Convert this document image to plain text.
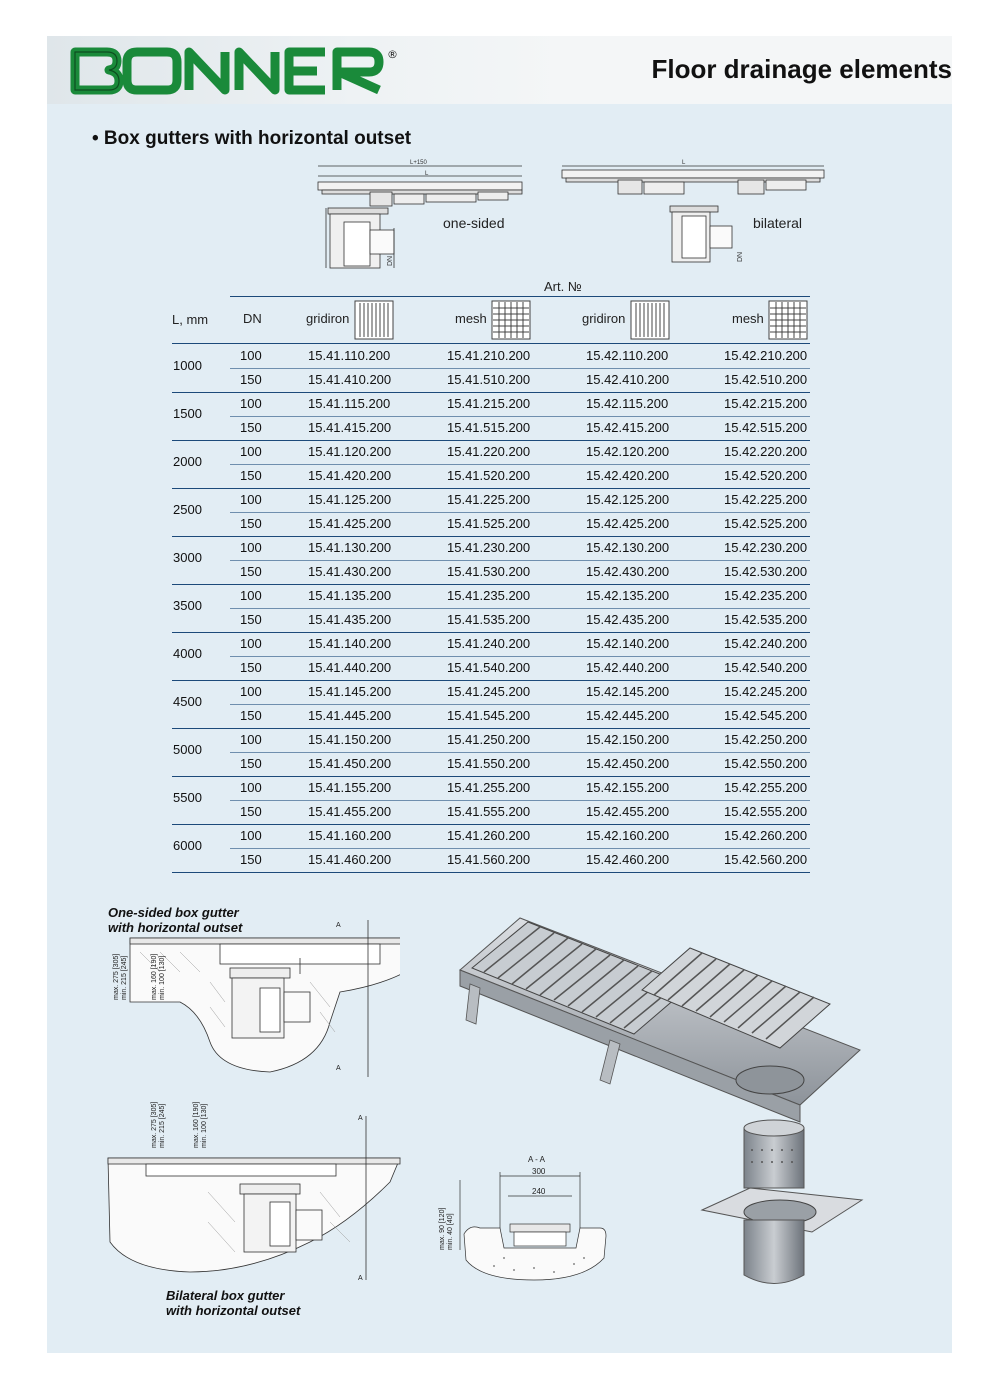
®	Floor drainage elements
• Box gutters with horizontal outset
L+150
L
DN
one-sided
L
DN
bilateral
Art. №
L, mm	DN	gridiron	mesh	gridiron	mesh
1000
100	15.41.110.200	15.41.210.200	15.42.110.200	15.42.210.200
150	15.41.410.200	15.41.510.200	15.42.410.200	15.42.510.200
1500
100	15.41.115.200	15.41.215.200	15.42.115.200	15.42.215.200
150	15.41.415.200	15.41.515.200	15.42.415.200	15.42.515.200
2000
100	15.41.120.200	15.41.220.200	15.42.120.200	15.42.220.200
150	15.41.420.200	15.41.520.200	15.42.420.200	15.42.520.200
2500
100	15.41.125.200	15.41.225.200	15.42.125.200	15.42.225.200
150	15.41.425.200	15.41.525.200	15.42.425.200	15.42.525.200
3000
100	15.41.130.200	15.41.230.200	15.42.130.200	15.42.230.200
150	15.41.430.200	15.41.530.200	15.42.430.200	15.42.530.200
3500
100	15.41.135.200	15.41.235.200	15.42.135.200	15.42.235.200
150	15.41.435.200	15.41.535.200	15.42.435.200	15.42.535.200
4000
100	15.41.140.200	15.41.240.200	15.42.140.200	15.42.240.200
150	15.41.440.200	15.41.540.200	15.42.440.200	15.42.540.200
4500
100	15.41.145.200	15.41.245.200	15.42.145.200	15.42.245.200
150	15.41.445.200	15.41.545.200	15.42.445.200	15.42.545.200
5000
100	15.41.150.200	15.41.250.200	15.42.150.200	15.42.250.200
150	15.41.450.200	15.41.550.200	15.42.450.200	15.42.550.200
5500
100	15.41.155.200	15.41.255.200	15.42.155.200	15.42.255.200
150	15.41.455.200	15.41.555.200	15.42.455.200	15.42.555.200
6000
100	15.41.160.200	15.41.260.200	15.42.160.200	15.42.260.200
150	15.41.460.200	15.41.560.200	15.42.460.200	15.42.560.200
One-sided box gutter
with horizontal outset	A
A
max. 275 [305] min. 215 [245]	max. 160 [190] min. 100 [130]
A
A
max. 275 [305] min. 215 [245]	max. 160 [190] min. 100 [130]
Bilateral box gutter
with horizontal outset
A - A
300
240
max. 90 [120] min. 40 [40]
